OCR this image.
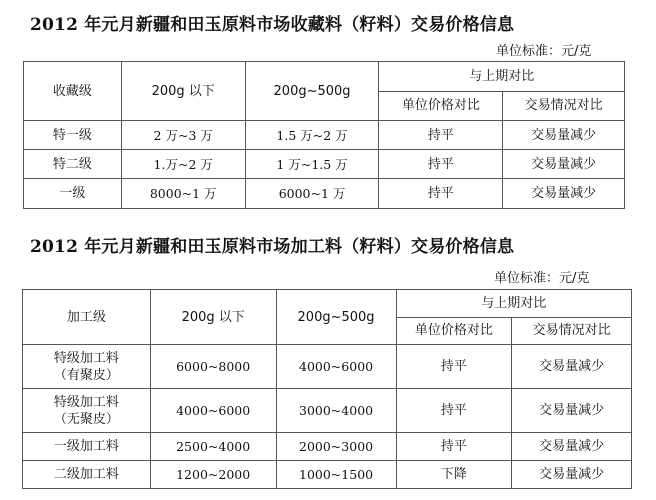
2012 年元月新疆和田玉原料市场收藏料（籽料）交易价格信息
单位标准：元/克
收藏级	200g 以下	200g~500g	与上期对比	
			单位价格对比	交易情况对比
特一级	2 万~3 万	1.5 万~2 万	持平	交易量减少
特二级	1.万~2 万	1 万~1.5 万	持平	交易量减少
一级	8000~1 万	6000~1 万	持平	交易量减少
2012 年元月新疆和田玉原料市场加工料（籽料）交易价格信息
单位标准：元/克
加工级	200g 以下	200g~500g	与上期对比	
			单位价格对比	交易情况对比

特级加工料
（有聚皮）	6000~8000	4000~6000	持平	交易量减少

特级加工料
（无聚皮）	4000~6000	3000~4000	持平	交易量减少
一级加工料	2500~4000	2000~3000	持平	交易量减少
二级加工料	1200~2000	1000~1500	下降	交易量减少
